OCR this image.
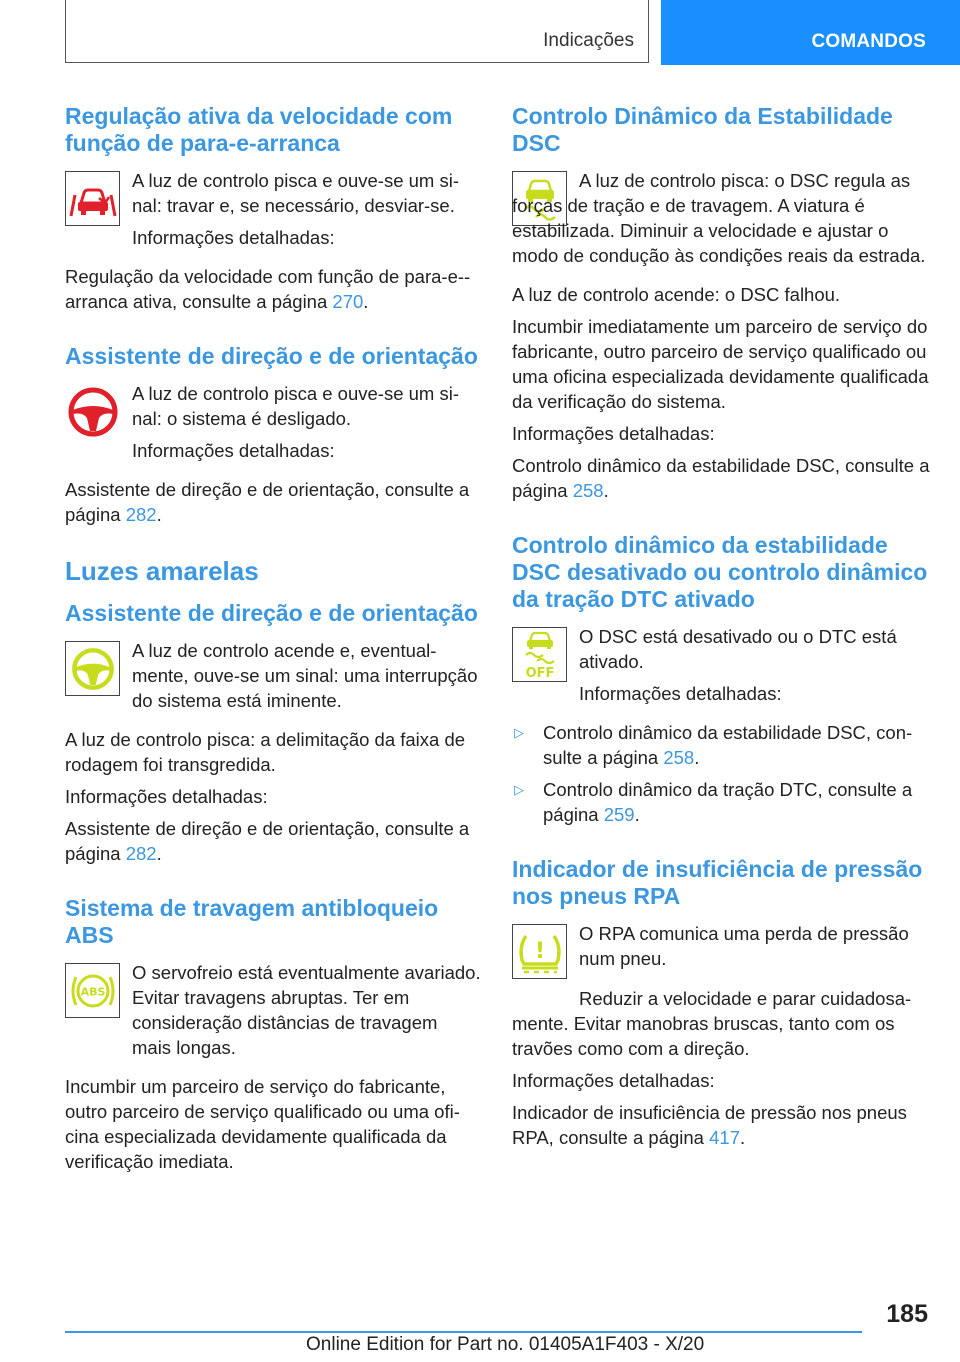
Indicações	COMANDOS
Regulação ativa da velocidade com função de para-e-arranca

A luz de controlo pisca e ouve-se um sinal: travar e, se necessário, desviar-se.

Informações detalhadas:

Regulação da velocidade com função de para-e--arranca ativa, consulte a página 270.

Assistente de direção e de orientação

A luz de controlo pisca e ouve-se um sinal: o sistema é desligado.

Informações detalhadas:

Assistente de direção e de orientação, consulte a página 282.

Luzes amarelas
Assistente de direção e de orientação

A luz de controlo acende e, eventualmente, ouve-se um sinal: uma interrupção do sistema está iminente.

A luz de controlo pisca: a delimitação da faixa de rodagem foi transgredida.

Informações detalhadas:

Assistente de direção e de orientação, consulte a página 282.

Sistema de travagem antibloqueio ABS
ABS

O servofreio está eventualmente avariado. Evitar travagens abruptas. Ter em consideração distâncias de travagem mais longas.

Incumbir um parceiro de serviço do fabricante, outro parceiro de serviço qualificado ou uma oficina especializada devidamente qualificada da verificação imediata.

Controlo Dinâmico da Estabilidade DSC

A luz de controlo pisca: o DSC regula as forças de tração e de travagem. A viatura é estabilizada. Diminuir a velocidade e ajustar o modo de condução às condições reais da estrada.

A luz de controlo acende: o DSC falhou.

Incumbir imediatamente um parceiro de serviço do fabricante, outro parceiro de serviço qualificado ou uma oficina especializada devidamente qualificada da verificação do sistema.

Informações detalhadas:

Controlo dinâmico da estabilidade DSC, consulte a página 258.

Controlo dinâmico da estabilidade DSC desativado ou controlo dinâmico da tração DTC ativado
OFF

O DSC está desativado ou o DTC está ativado.

Informações detalhadas:

▷	Controlo dinâmico da estabilidade DSC, consulte a página 258.
▷	Controlo dinâmico da tração DTC, consulte a página 259.
Indicador de insuficiência de pressão nos pneus RPA
!

O RPA comunica uma perda de pressão num pneu.

Reduzir a velocidade e parar cuidadosamente. Evitar manobras bruscas, tanto com os travões como com a direção.

Informações detalhadas:

Indicador de insuficiência de pressão nos pneus RPA, consulte a página 417.

185
Online Edition for Part no. 01405A1F403 - X/20
